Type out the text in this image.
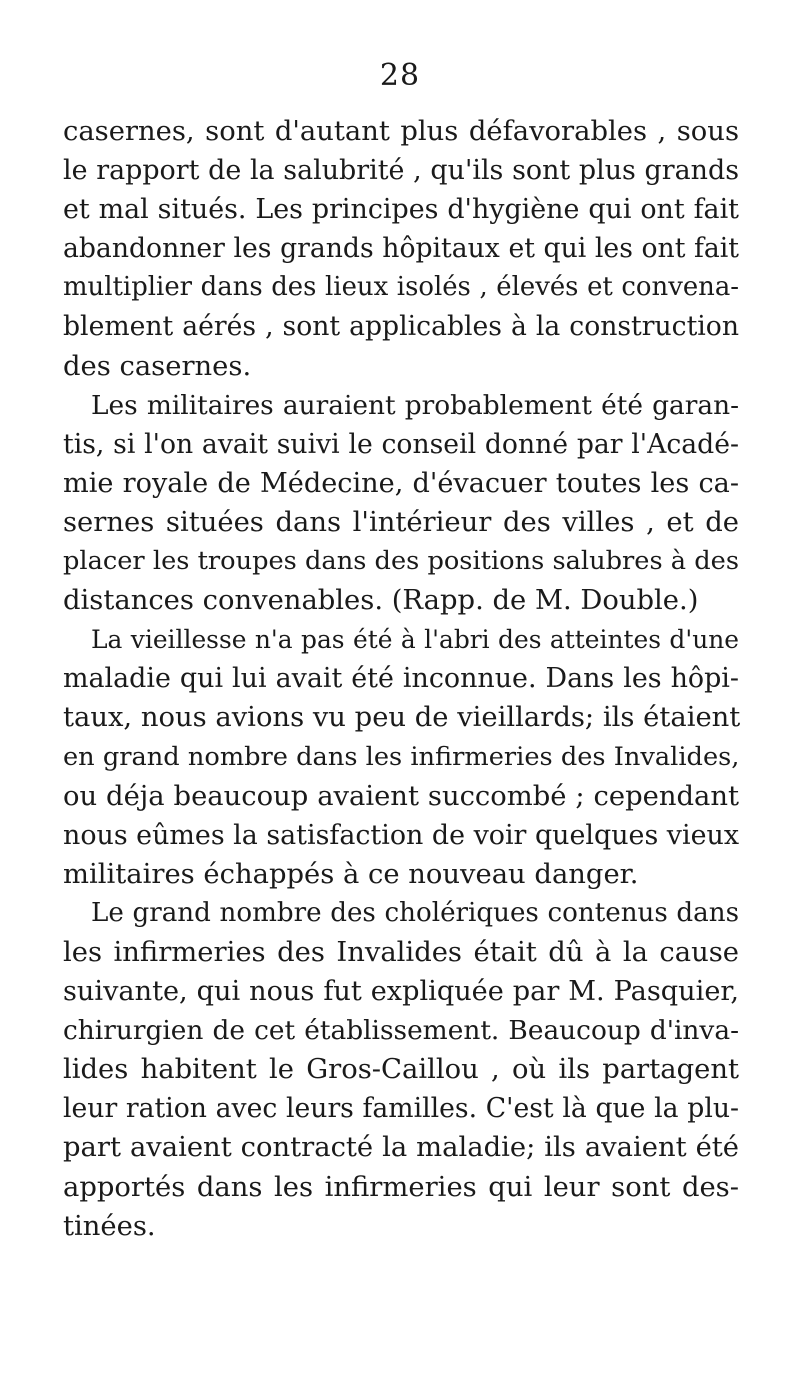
28
casernes, sont d'autant plus défavorables , sous
le rapport de la salubrité , qu'ils sont plus grands
et mal situés. Les principes d'hygiène qui ont fait
abandonner les grands hôpitaux et qui les ont fait
multiplier dans des lieux isolés , élevés et convena-
blement aérés , sont applicables à la construction
des casernes.
Les militaires auraient probablement été garan-
tis, si l'on avait suivi le conseil donné par l'Acadé-
mie royale de Médecine, d'évacuer toutes les ca-
sernes situées dans l'intérieur des villes , et de
placer les troupes dans des positions salubres à des
distances convenables. (Rapp. de M. Double.)
La vieillesse n'a pas été à l'abri des atteintes d'une
maladie qui lui avait été inconnue. Dans les hôpi-
taux, nous avions vu peu de vieillards; ils étaient
en grand nombre dans les infirmeries des Invalides,
ou déja beaucoup avaient succombé ; cependant
nous eûmes la satisfaction de voir quelques vieux
militaires échappés à ce nouveau danger.
Le grand nombre des cholériques contenus dans
les infirmeries des Invalides était dû à la cause
suivante, qui nous fut expliquée par M. Pasquier,
chirurgien de cet établissement. Beaucoup d'inva-
lides habitent le Gros-Caillou , où ils partagent
leur ration avec leurs familles. C'est là que la plu-
part avaient contracté la maladie; ils avaient été
apportés dans les infirmeries qui leur sont des-
tinées.
